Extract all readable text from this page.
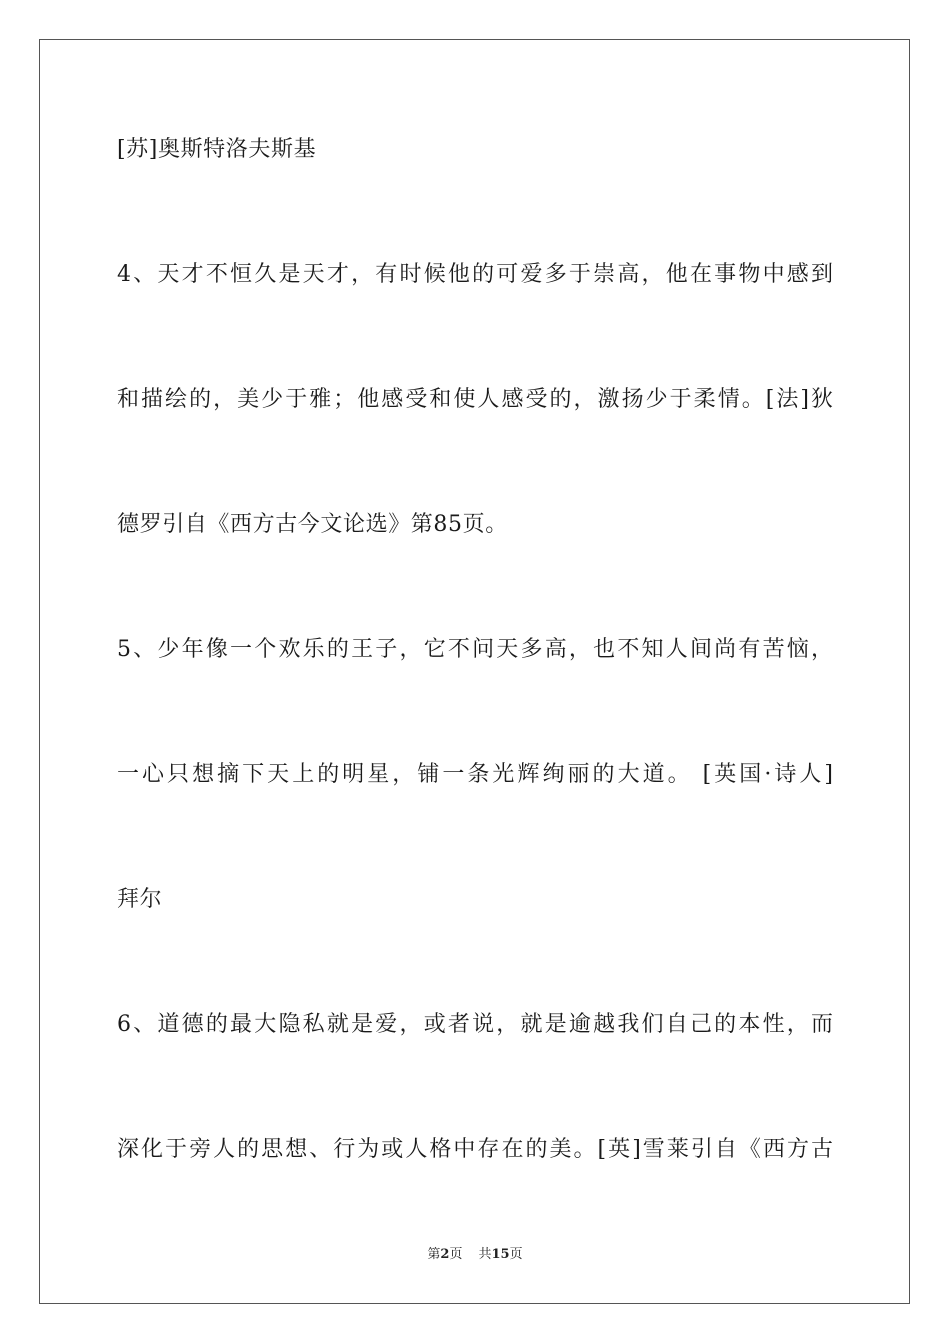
[苏]奥斯特洛夫斯基
4、天才不恒久是天才，有时候他的可爱多于崇高，他在事物中感到
和描绘的，美少于雅；他感受和使人感受的，激扬少于柔情。[法]狄
德罗引自《西方古今文论选》第85页。
5、少年像一个欢乐的王子，它不问天多高，也不知人间尚有苦恼，
一心只想摘下天上的明星，铺一条光辉绚丽的大道。 [英国·诗人]
拜尔
6、道德的最大隐私就是爱，或者说，就是逾越我们自己的本性，而
深化于旁人的思想、行为或人格中存在的美。[英]雪莱引自《西方古
第2页 共15页
